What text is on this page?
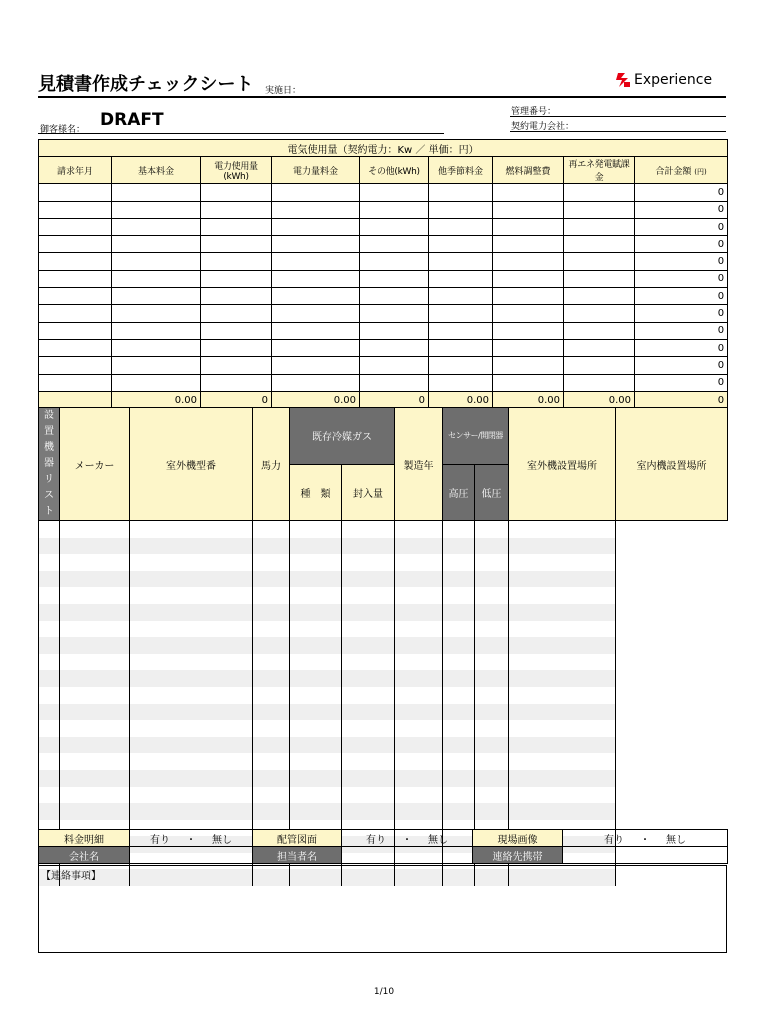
見積書作成チェックシート 実施日：
Experience
御客様名： DRAFT	管理番号：
契約電力会社：
電気使用量（契約電力：Kw ／ 単価：円）								
請求年月	基本料金	電力使用量(kWh)	電力量料金	その他(kWh)	他季節料金	燃料調整費	再エネ発電賦課金	合計金額 (円)
								0
								0
								0
								0
								0
								0
								0
								0
								0
								0
								0
								0
	0.00	0	0.00	0	0.00	0.00	0.00	0
設置機器リスト	メーカー	室外機型番	馬力	既存冷媒ガス		製造年	センサー/開閉器		室外機設置場所	室内機設置場所
				種　類	封入量		高圧	低圧		

料金明細	有り ・ 無し	配管図面	有り ・ 無し	現場画像	有り ・ 無し
会社名		担当者名		連絡先携帯	
【連絡事項】
1/10
